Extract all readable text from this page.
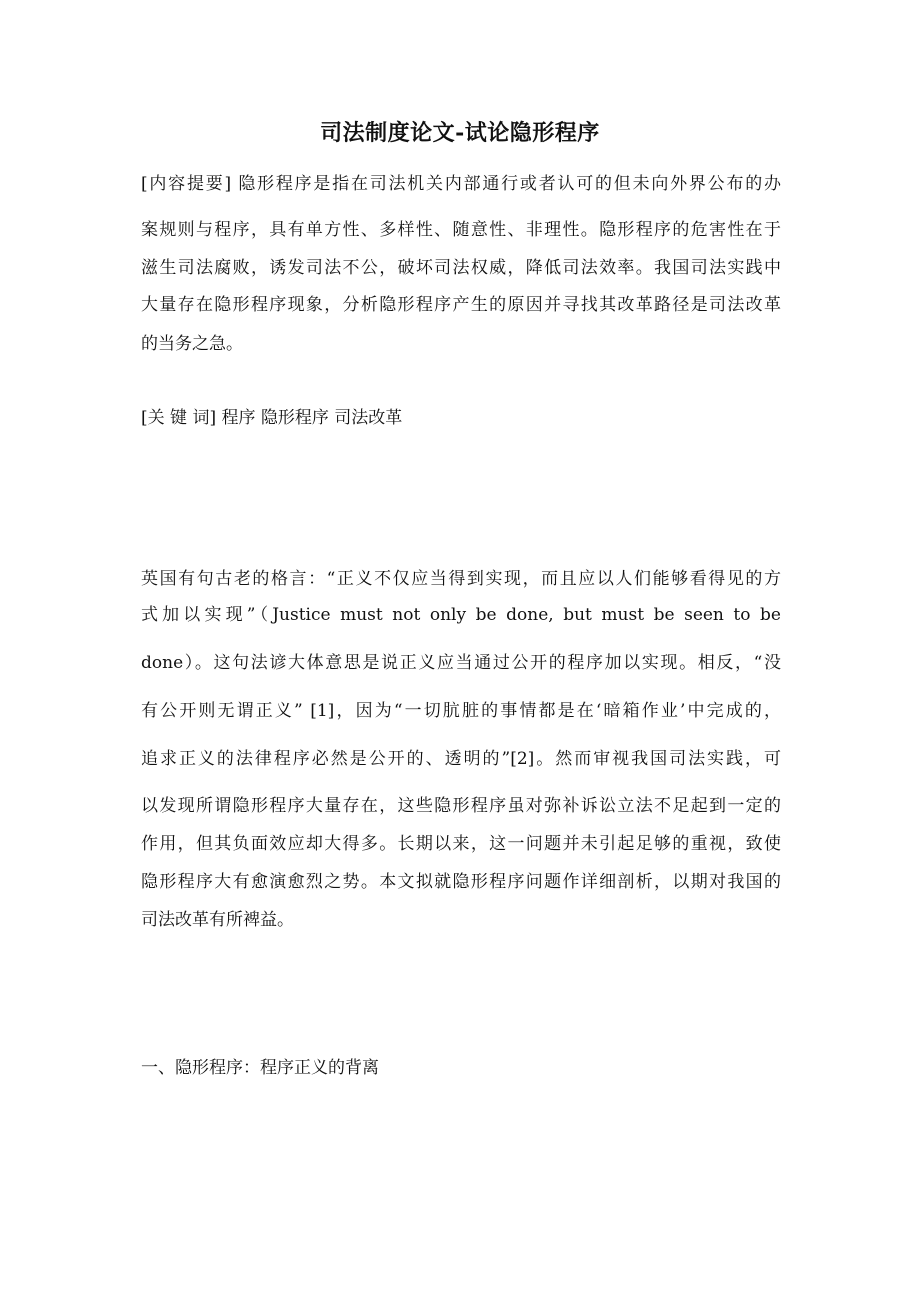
司法制度论文-试论隐形程序
[内容提要] 隐形程序是指在司法机关内部通行或者认可的但未向外界公布的办
案规则与程序，具有单方性、多样性、随意性、非理性。隐形程序的危害性在于
滋生司法腐败，诱发司法不公，破坏司法权威，降低司法效率。我国司法实践中
大量存在隐形程序现象，分析隐形程序产生的原因并寻找其改革路径是司法改革
的当务之急。
[关 键 词] 程序 隐形程序 司法改革
英国有句古老的格言：“正义不仅应当得到实现，而且应以人们能够看得见的方
式加以实现”（Justice must not only be done, but must be seen to be
done）。这句法谚大体意思是说正义应当通过公开的程序加以实现。相反，“没
有公开则无谓正义” [1]，因为“一切肮脏的事情都是在‘暗箱作业’中完成的，
追求正义的法律程序必然是公开的、透明的”[2]。然而审视我国司法实践，可
以发现所谓隐形程序大量存在，这些隐形程序虽对弥补诉讼立法不足起到一定的
作用，但其负面效应却大得多。长期以来，这一问题并未引起足够的重视，致使
隐形程序大有愈演愈烈之势。本文拟就隐形程序问题作详细剖析，以期对我国的
司法改革有所裨益。
一、隐形程序：程序正义的背离
